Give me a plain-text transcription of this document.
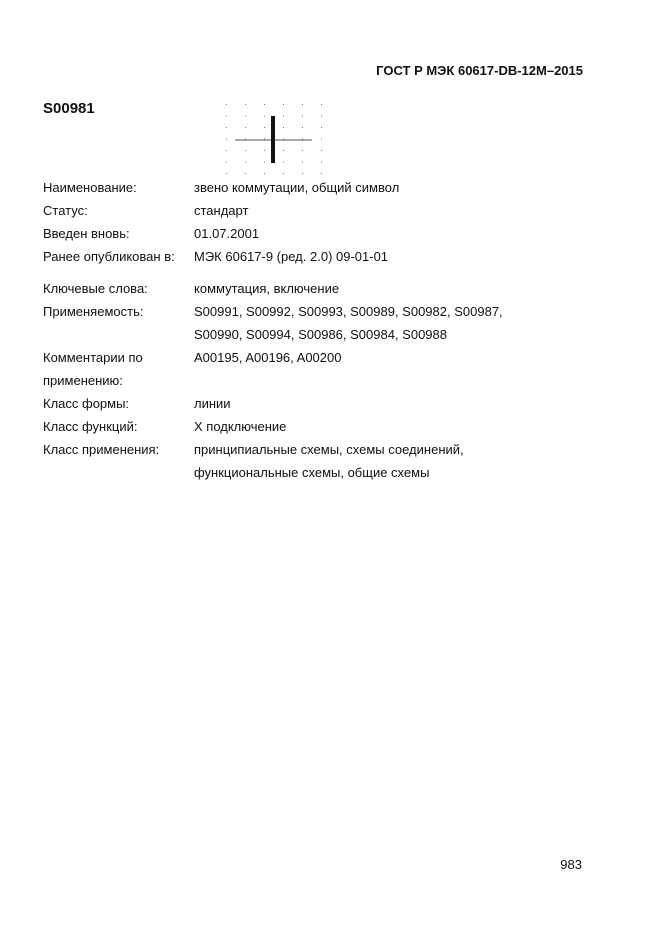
ГОСТ Р МЭК 60617-DB-12M–2015
S00981
Наименование:	звено коммутации, общий символ
Статус:	стандарт
Введен вновь:	01.07.2001
Ранее опубликован в:	МЭК 60617-9 (ред. 2.0) 09-01-01
Ключевые слова:	коммутация, включение
Применяемость:	S00991, S00992, S00993, S00989, S00982, S00987,
S00990, S00994, S00986, S00984, S00988
Комментарии по применению:
A00195, A00196, A00200
Класс формы:	линии
Класс функций:	X подключение
Класс применения:	принципиальные схемы, схемы соединений,
функциональные схемы, общие схемы
983
